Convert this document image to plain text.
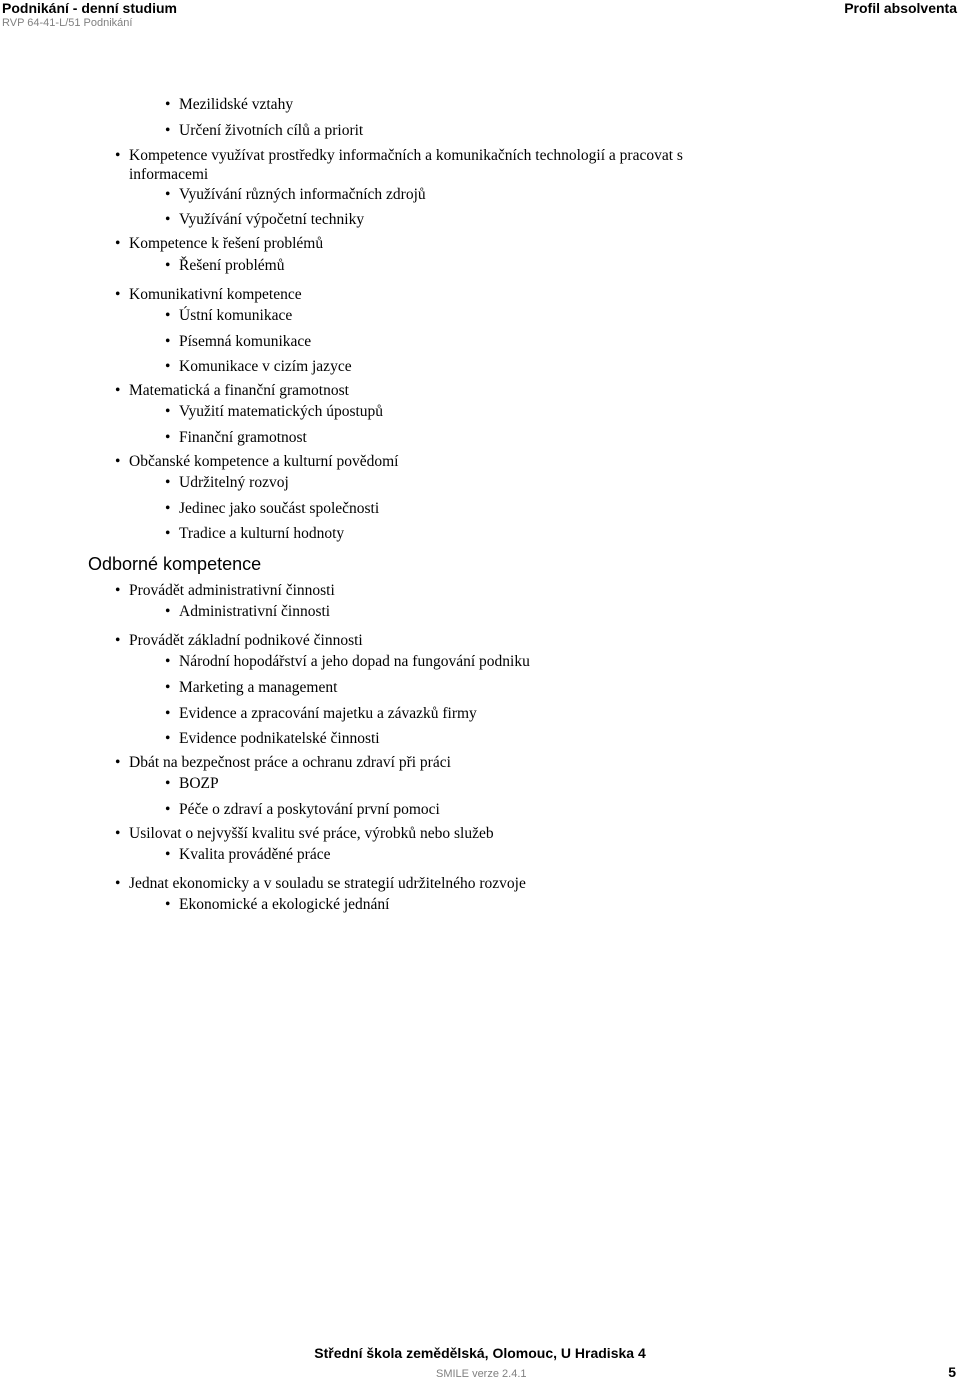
Podnikání - denní studium
RVP 64-41-L/51 Podnikání
Profil absolventa
• Mezilidské vztahy
• Určení životních cílů a priorit
• Kompetence využívat prostředky informačních a komunikačních technologií a pracovat s informacemi
• Využívání různých informačních zdrojů
• Využívání výpočetní techniky
• Kompetence k řešení problémů
• Řešení problémů
• Komunikativní kompetence
• Ústní komunikace
• Písemná komunikace
• Komunikace v cizím jazyce
• Matematická a finanční gramotnost
• Využití matematických úpostupů
• Finanční gramotnost
• Občanské kompetence a kulturní povědomí
• Udržitelný rozvoj
• Jedinec jako součást společnosti
• Tradice a kulturní hodnoty
Odborné kompetence
• Provádět administrativní činnosti
• Administrativní činnosti
• Provádět základní podnikové činnosti
• Národní hopodářství a jeho dopad na fungování podniku
• Marketing a management
• Evidence a zpracování majetku a závazků firmy
• Evidence podnikatelské činnosti
• Dbát na bezpečnost práce a ochranu zdraví při práci
• BOZP
• Péče o zdraví a poskytování první pomoci
• Usilovat o nejvyšší kvalitu své práce, výrobků nebo služeb
• Kvalita prováděné práce
• Jednat ekonomicky a v souladu se strategií udržitelného rozvoje
• Ekonomické a ekologické jednání
Střední škola zemědělská, Olomouc, U Hradiska 4
SMILE verze 2.4.1	5
